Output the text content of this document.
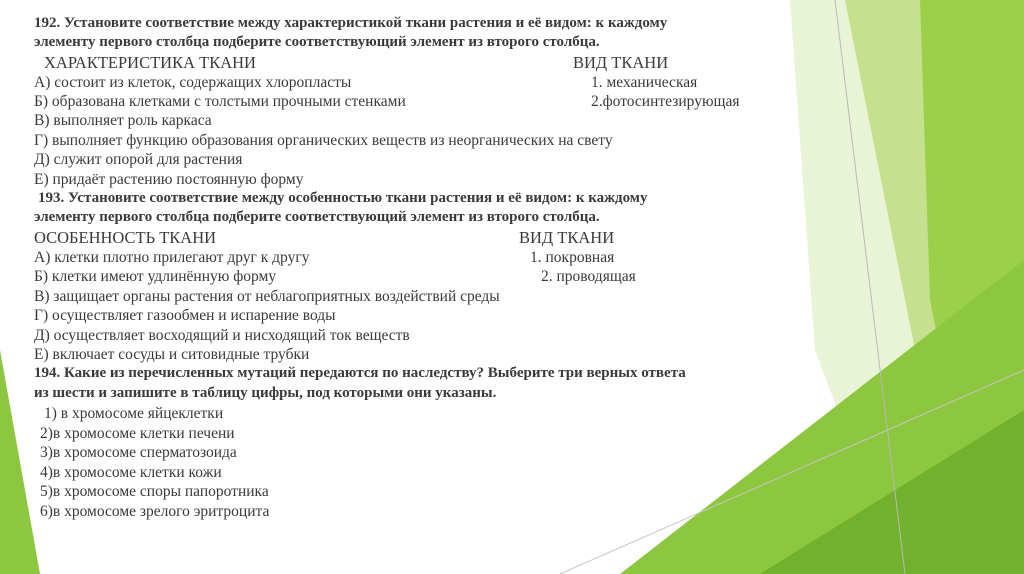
192. Установите соответствие между характеристикой ткани растения и её видом: к каждому
элементу первого столбца подберите соответствующий элемент из второго столбца.
ХАРАКТЕРИСТИКА ТКАНИ	ВИД ТКАНИ
А) состоит из клеток, содержащих хлоропласты	1. механическая
Б) образована клетками с толстыми прочными стенками	2.фотосинтезирующая
В) выполняет роль каркаса
Г) выполняет функцию образования органических веществ из неорганических на свету
Д) служит опорой для растения
Е) придаёт растению постоянную форму
193. Установите соответствие между особенностью ткани растения и её видом: к каждому
элементу первого столбца подберите соответствующий элемент из второго столбца.
ОСОБЕННОСТЬ ТКАНИ	ВИД ТКАНИ
А) клетки плотно прилегают друг к другу	1. покровная
Б) клетки имеют удлинённую форму	2. проводящая
В) защищает органы растения от неблагоприятных воздействий среды
Г) осуществляет газообмен и испарение воды
Д) осуществляет восходящий и нисходящий ток веществ
Е) включает сосуды и ситовидные трубки
194. Какие из перечисленных мутаций передаются по наследству? Выберите три верных ответа
из шести и запишите в таблицу цифры, под которыми они указаны.
1) в хромосоме яйцеклетки
2)в хромосоме клетки печени
3)в хромосоме сперматозоида
4)в хромосоме клетки кожи
5)в хромосоме споры папоротника
6)в хромосоме зрелого эритроцита
